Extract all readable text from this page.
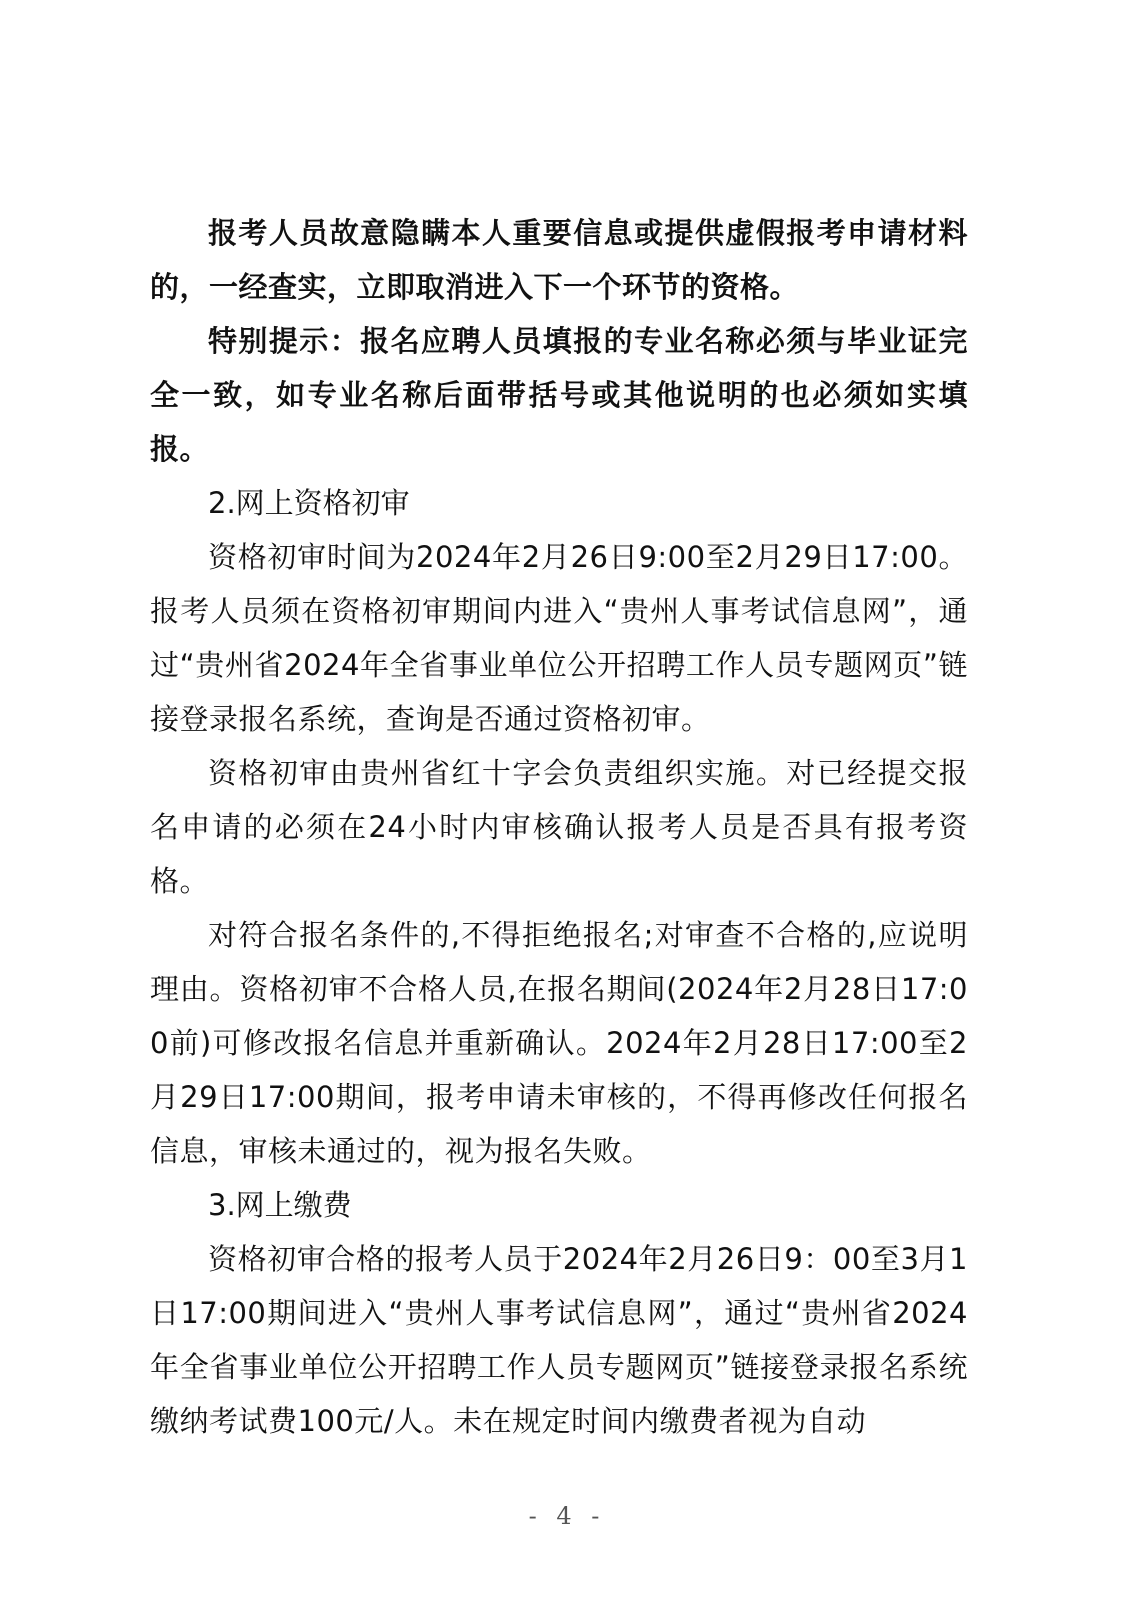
报考人员故意隐瞒本人重要信息或提供虚假报考申请材料的，一经查实，立即取消进入下一个环节的资格。

特别提示：报名应聘人员填报的专业名称必须与毕业证完全一致，如专业名称后面带括号或其他说明的也必须如实填报。

2.网上资格初审

资格初审时间为2024年2月26日9:00至2月29日17:00。报考人员须在资格初审期间内进入“贵州人事考试信息网”，通过“贵州省2024年全省事业单位公开招聘工作人员专题网页”链接登录报名系统，查询是否通过资格初审。

资格初审由贵州省红十字会负责组织实施。对已经提交报名申请的必须在24小时内审核确认报考人员是否具有报考资格。

对符合报名条件的,不得拒绝报名;对审查不合格的,应说明理由。资格初审不合格人员,在报名期间(2024年2月28日17:00前)可修改报名信息并重新确认。2024年2月28日17:00至2月29日17:00期间，报考申请未审核的，不得再修改任何报名信息，审核未通过的，视为报名失败。

3.网上缴费

资格初审合格的报考人员于2024年2月26日9：00至3月1日17:00期间进入“贵州人事考试信息网”，通过“贵州省2024年全省事业单位公开招聘工作人员专题网页”链接登录报名系统缴纳考试费100元/人。未在规定时间内缴费者视为自动

- 4 -
